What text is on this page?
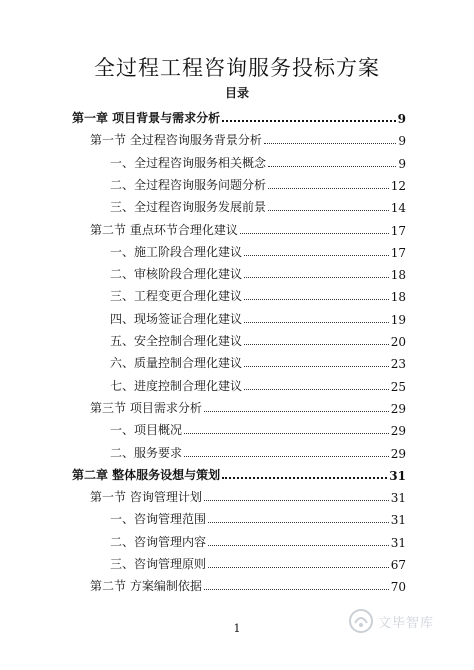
全过程工程咨询服务投标方案
目录
第一章 项目背景与需求分析	9
第一节 全过程咨询服务背景分析	9
一、全过程咨询服务相关概念	9
二、全过程咨询服务问题分析	12
三、全过程咨询服务发展前景	14
第二节 重点环节合理化建议	17
一、施工阶段合理化建议	17
二、审核阶段合理化建议	18
三、工程变更合理化建议	18
四、现场签证合理化建议	19
五、安全控制合理化建议	20
六、质量控制合理化建议	23
七、进度控制合理化建议	25
第三节 项目需求分析	29
一、项目概况	29
二、服务要求	29
第二章 整体服务设想与策划	31
第一节 咨询管理计划	31
一、咨询管理范围	31
二、咨询管理内容	31
三、咨询管理原则	67
第二节 方案编制依据	70
1	文毕智库
